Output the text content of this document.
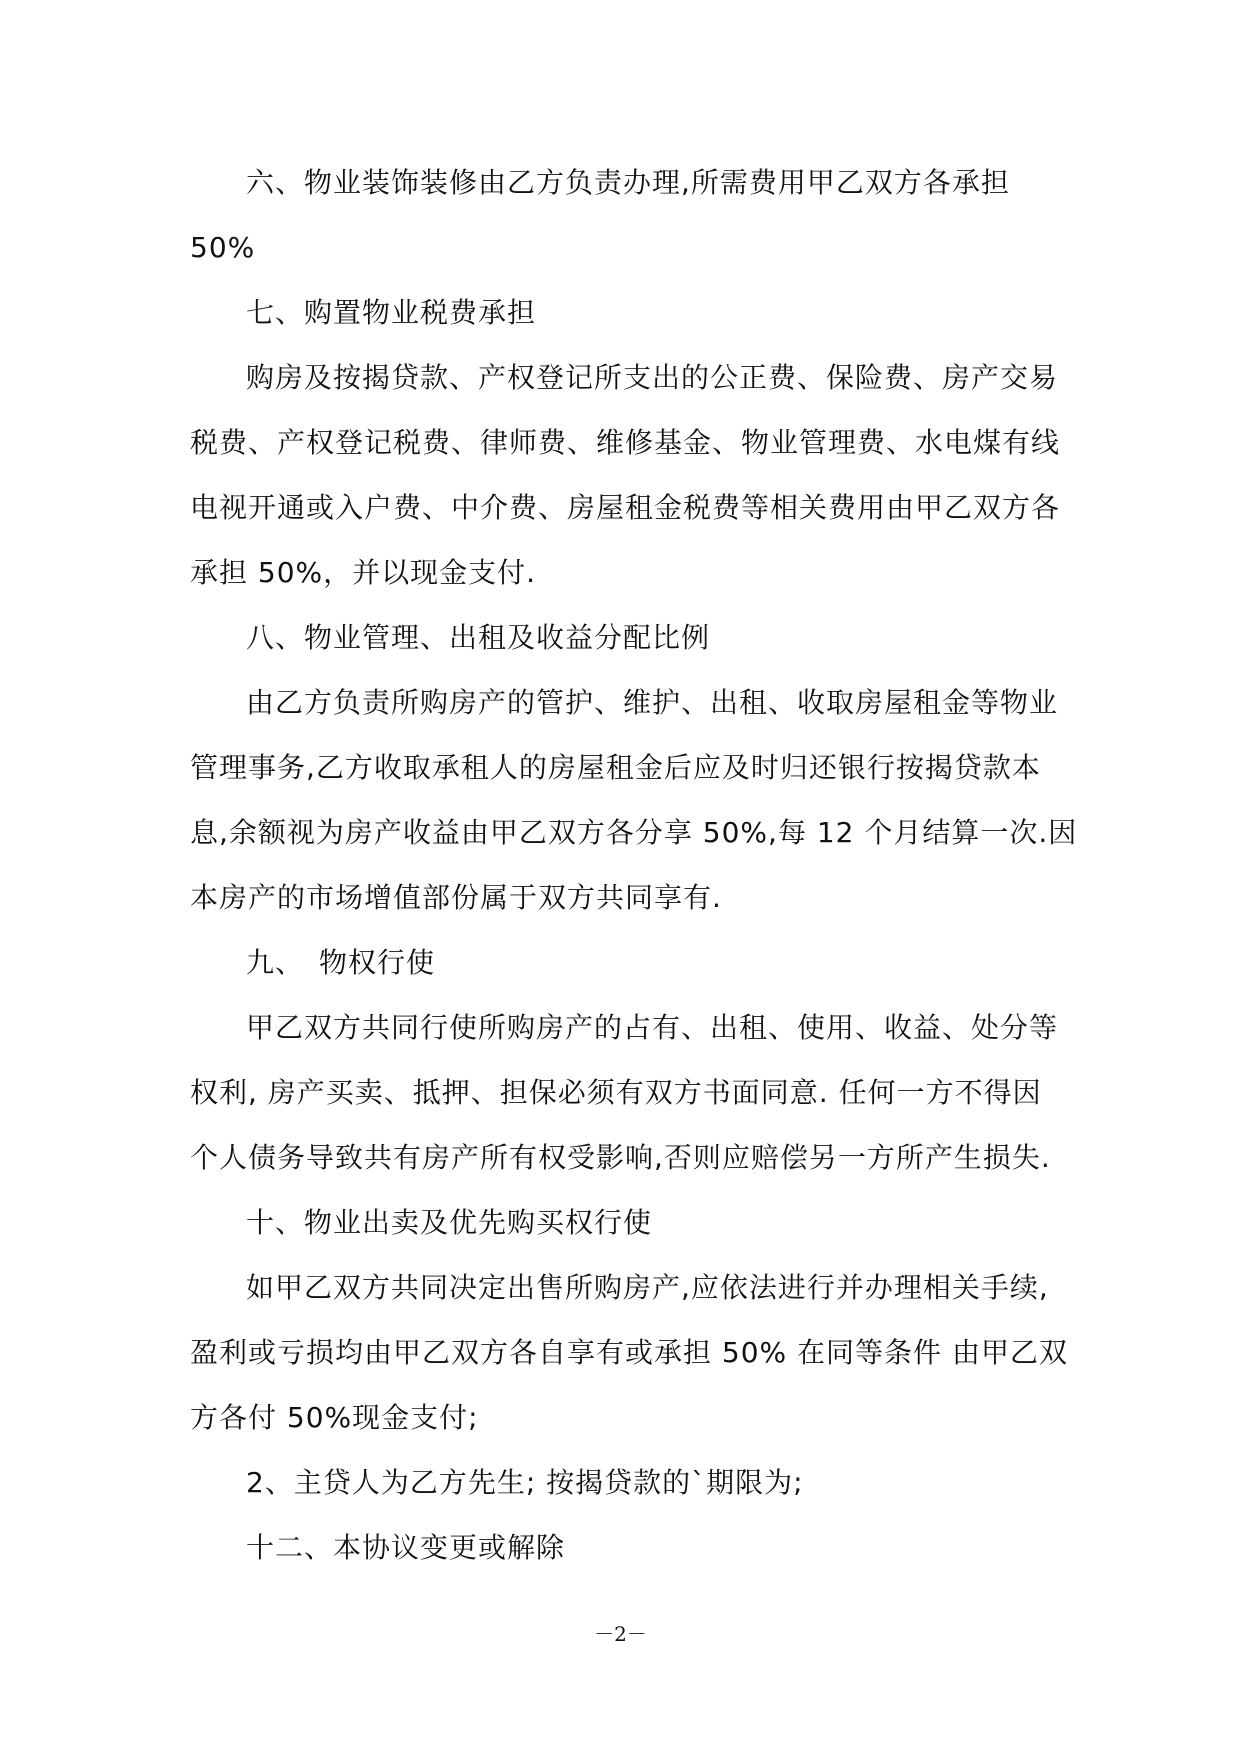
六、物业装饰装修由乙方负责办理,所需费用甲乙双方各承担
50%
七、购置物业税费承担
购房及按揭贷款、产权登记所支出的公正费、保险费、房产交易
税费、产权登记税费、律师费、维修基金、物业管理费、水电煤有线
电视开通或入户费、中介费、房屋租金税费等相关费用由甲乙双方各
承担 50%，并以现金支付.
八、物业管理、出租及收益分配比例
由乙方负责所购房产的管护、维护、出租、收取房屋租金等物业
管理事务,乙方收取承租人的房屋租金后应及时归还银行按揭贷款本
息,余额视为房产收益由甲乙双方各分享 50%,每 12 个月结算一次.因
本房产的市场增值部份属于双方共同享有.
九、　物权行使
甲乙双方共同行使所购房产的占有、出租、使用、收益、处分等
权利, 房产买卖、抵押、担保必须有双方书面同意. 任何一方不得因
个人债务导致共有房产所有权受影响,否则应赔偿另一方所产生损失.
十、物业出卖及优先购买权行使
如甲乙双方共同决定出售所购房产,应依法进行并办理相关手续,
盈利或亏损均由甲乙双方各自享有或承担 50% 在同等条件 由甲乙双
方各付 50%现金支付;
2、主贷人为乙方先生; 按揭贷款的`期限为;
十二、本协议变更或解除
－2－
